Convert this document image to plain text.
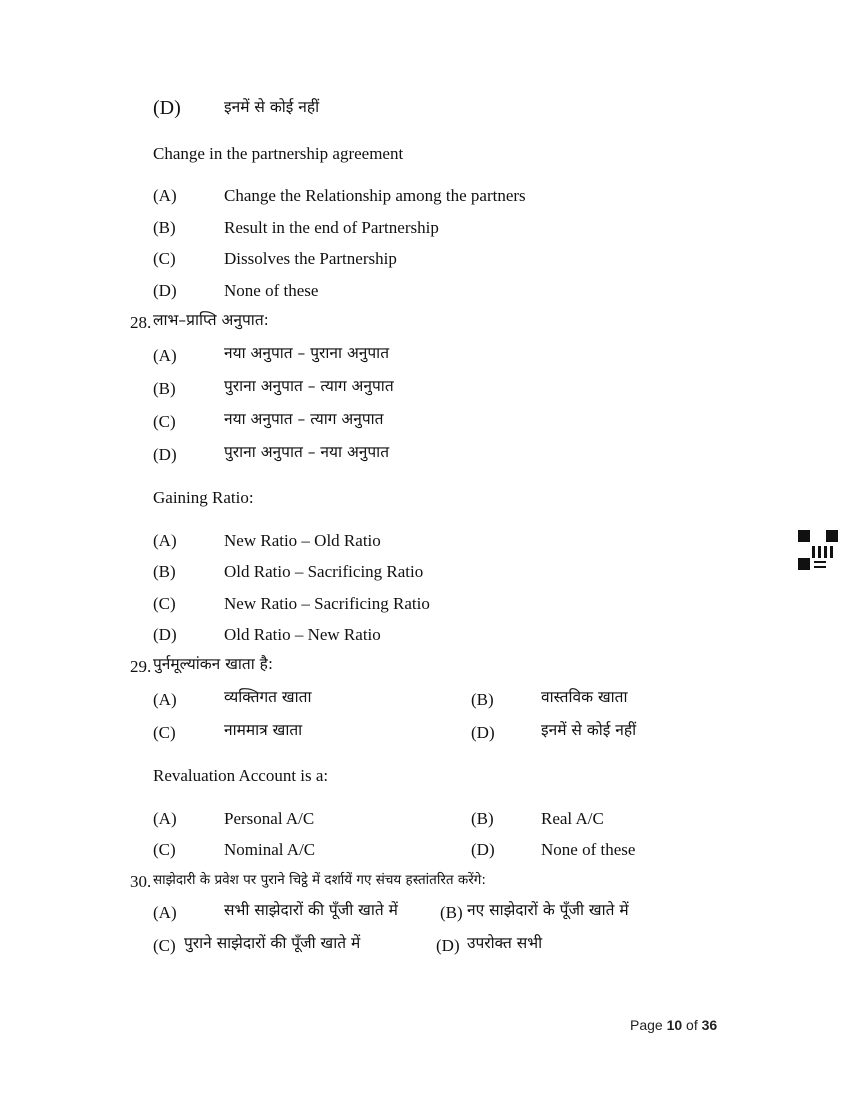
(D)	इनमें से कोई नहीं
Change in the partnership agreement
(A)	Change the Relationship among the partners
(B)	Result in the end of Partnership
(C)	Dissolves the Partnership
(D)	None of these
28. लाभ–प्राप्ति अनुपात:
(A)	नया अनुपात – पुराना अनुपात
(B)	पुराना अनुपात – त्याग अनुपात
(C)	नया अनुपात – त्याग अनुपात
(D)	पुराना अनुपात – नया अनुपात
Gaining Ratio:
(A)	New Ratio – Old Ratio
(B)	Old Ratio – Sacrificing Ratio
(C)	New Ratio – Sacrificing Ratio
(D)	Old Ratio – New Ratio
29. पुर्नमूल्यांकन खाता है:
(A)	व्यक्तिगत खाता	(B)	वास्तविक खाता
(C)	नाममात्र खाता	(D)	इनमें से कोई नहीं
Revaluation Account is a:
(A)	Personal A/C	(B)	Real A/C
(C)	Nominal A/C	(D)	None of these
30. साझेदारी के प्रवेश पर पुराने चिट्ठे में दर्शायें गए संचय हस्तांतरित करेंगे:
(A)	सभी साझेदारों की पूँजी खाते में (B) नए साझेदारों के पूँजी खाते में
(C) पुराने साझेदारों की पूँजी खाते में	(D) उपरोक्त सभी
Page 10 of 36
